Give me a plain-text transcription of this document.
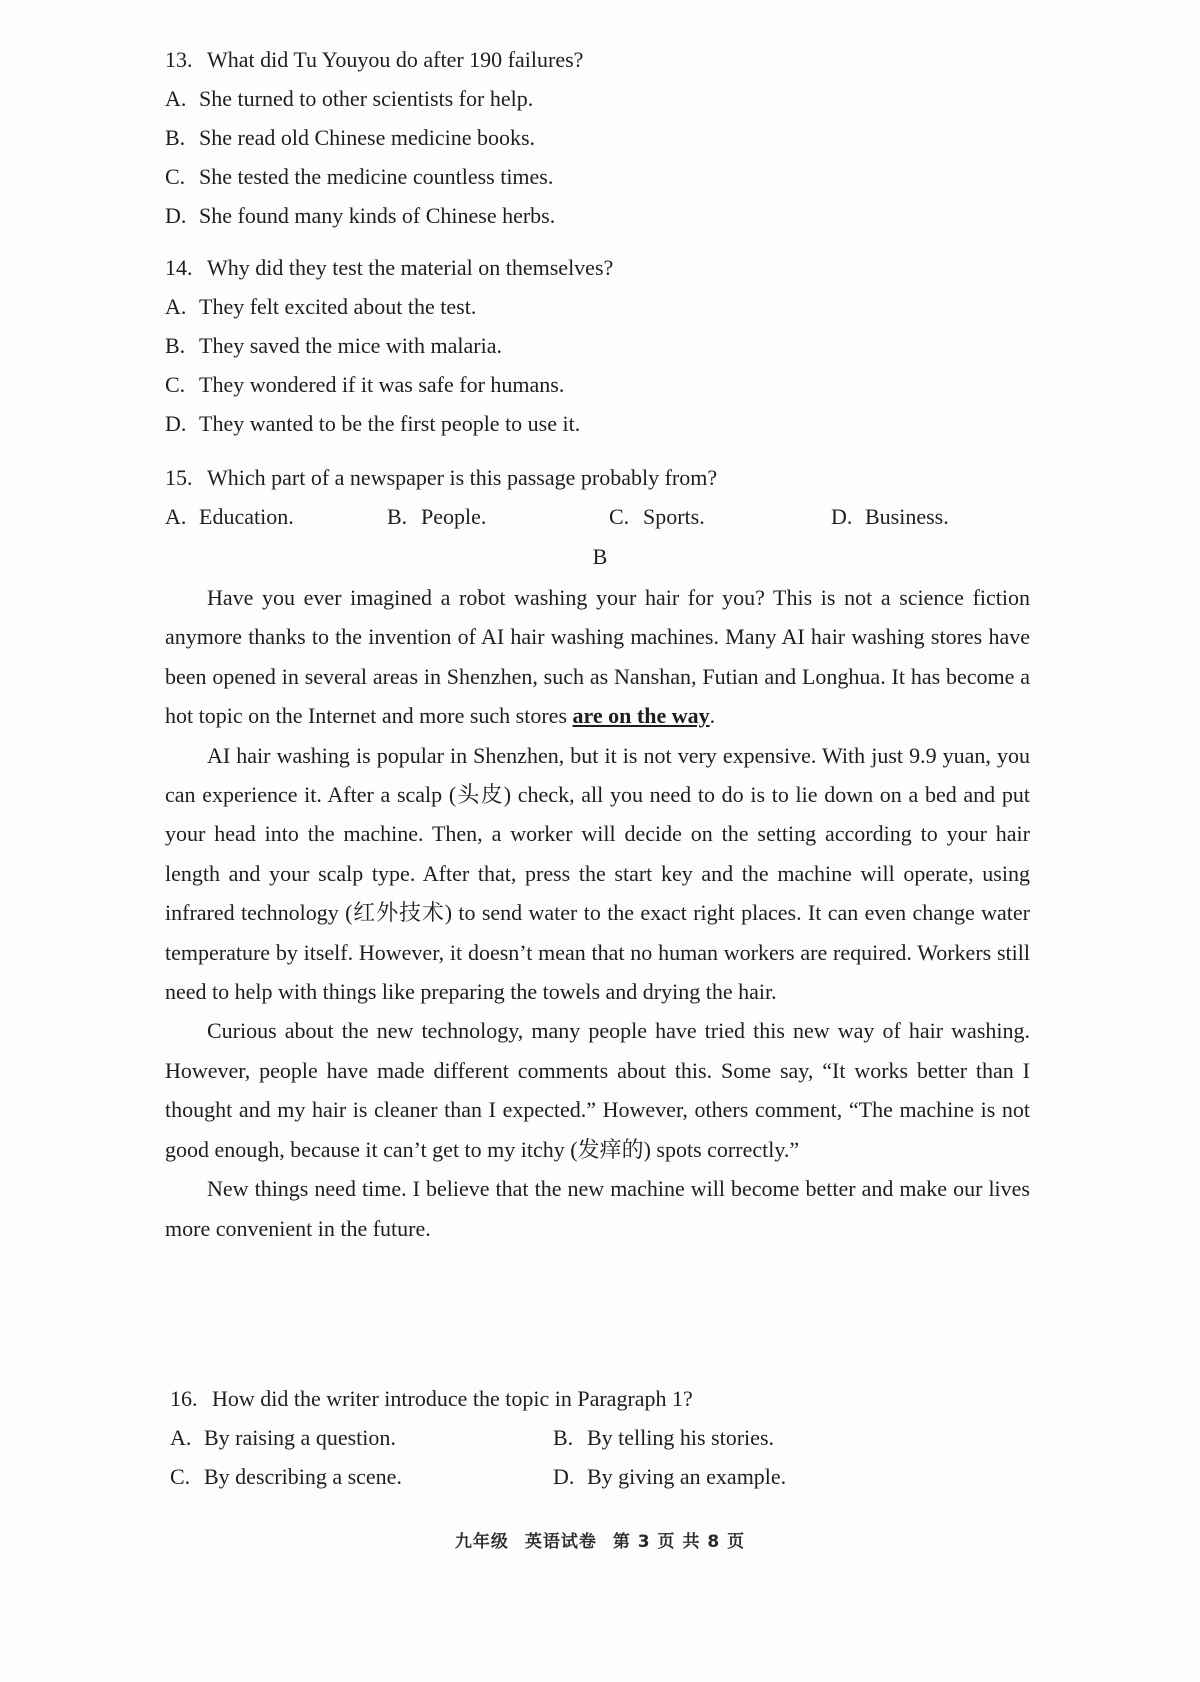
13. What did Tu Youyou do after 190 failures?
A. She turned to other scientists for help.
B. She read old Chinese medicine books.
C. She tested the medicine countless times.
D. She found many kinds of Chinese herbs.
14. Why did they test the material on themselves?
A. They felt excited about the test.
B. They saved the mice with malaria.
C. They wondered if it was safe for humans.
D. They wanted to be the first people to use it.
15. Which part of a newspaper is this passage probably from?
A. Education.	B. People.	C. Sports.	D. Business.
B

Have you ever imagined a robot washing your hair for you? This is not a science fiction anymore thanks to the invention of AI hair washing machines. Many AI hair washing stores have been opened in several areas in Shenzhen, such as Nanshan, Futian and Longhua. It has become a hot topic on the Internet and more such stores are on the way.

AI hair washing is popular in Shenzhen, but it is not very expensive. With just 9.9 yuan, you can experience it. After a scalp (头皮) check, all you need to do is to lie down on a bed and put your head into the machine. Then, a worker will decide on the setting according to your hair length and your scalp type. After that, press the start key and the machine will operate, using infrared technology (红外技术) to send water to the exact right places. It can even change water temperature by itself. However, it doesn’t mean that no human workers are required. Workers still need to help with things like preparing the towels and drying the hair.

Curious about the new technology, many people have tried this new way of hair washing. However, people have made different comments about this. Some say, “It works better than I thought and my hair is cleaner than I expected.” However, others comment, “The machine is not good enough, because it can’t get to my itchy (发痒的) spots correctly.”

New things need time. I believe that the new machine will become better and make our lives more convenient in the future.

16. How did the writer introduce the topic in Paragraph 1?
A. By raising a question.	B. By telling his stories.
C. By describing a scene.	D. By giving an example.
九年级 英语试卷 第 3 页 共 8 页
